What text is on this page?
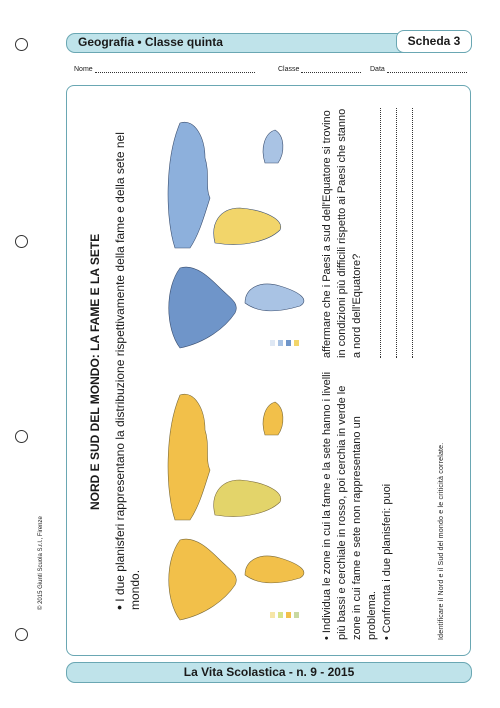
Geografia • Classe quinta	Scheda 3
Nome	Classe	Data
© 2015 Giunti Scuola S.r.l., Firenze
NORD E SUD DEL MONDO: LA FAME E LA SETE
• I due planisferi rappresentano la distribuzione rispettivamente della fame e della sete nel mondo.
• Individua le zone in cui la fame e la sete hanno i livelli più bassi e cerchiale in rosso, poi cerchia in verde le zone in cui fame e sete non rappresentano un problema. • Confronta i due planisferi: puoi
affermare che i Paesi a sud dell'Equatore si trovino in condizioni più difficili rispetto ai Paesi che stanno a nord dell'Equatore?
Identificare il Nord e il Sud del mondo e le criticità correlate.
La Vita Scolastica - n. 9 - 2015
